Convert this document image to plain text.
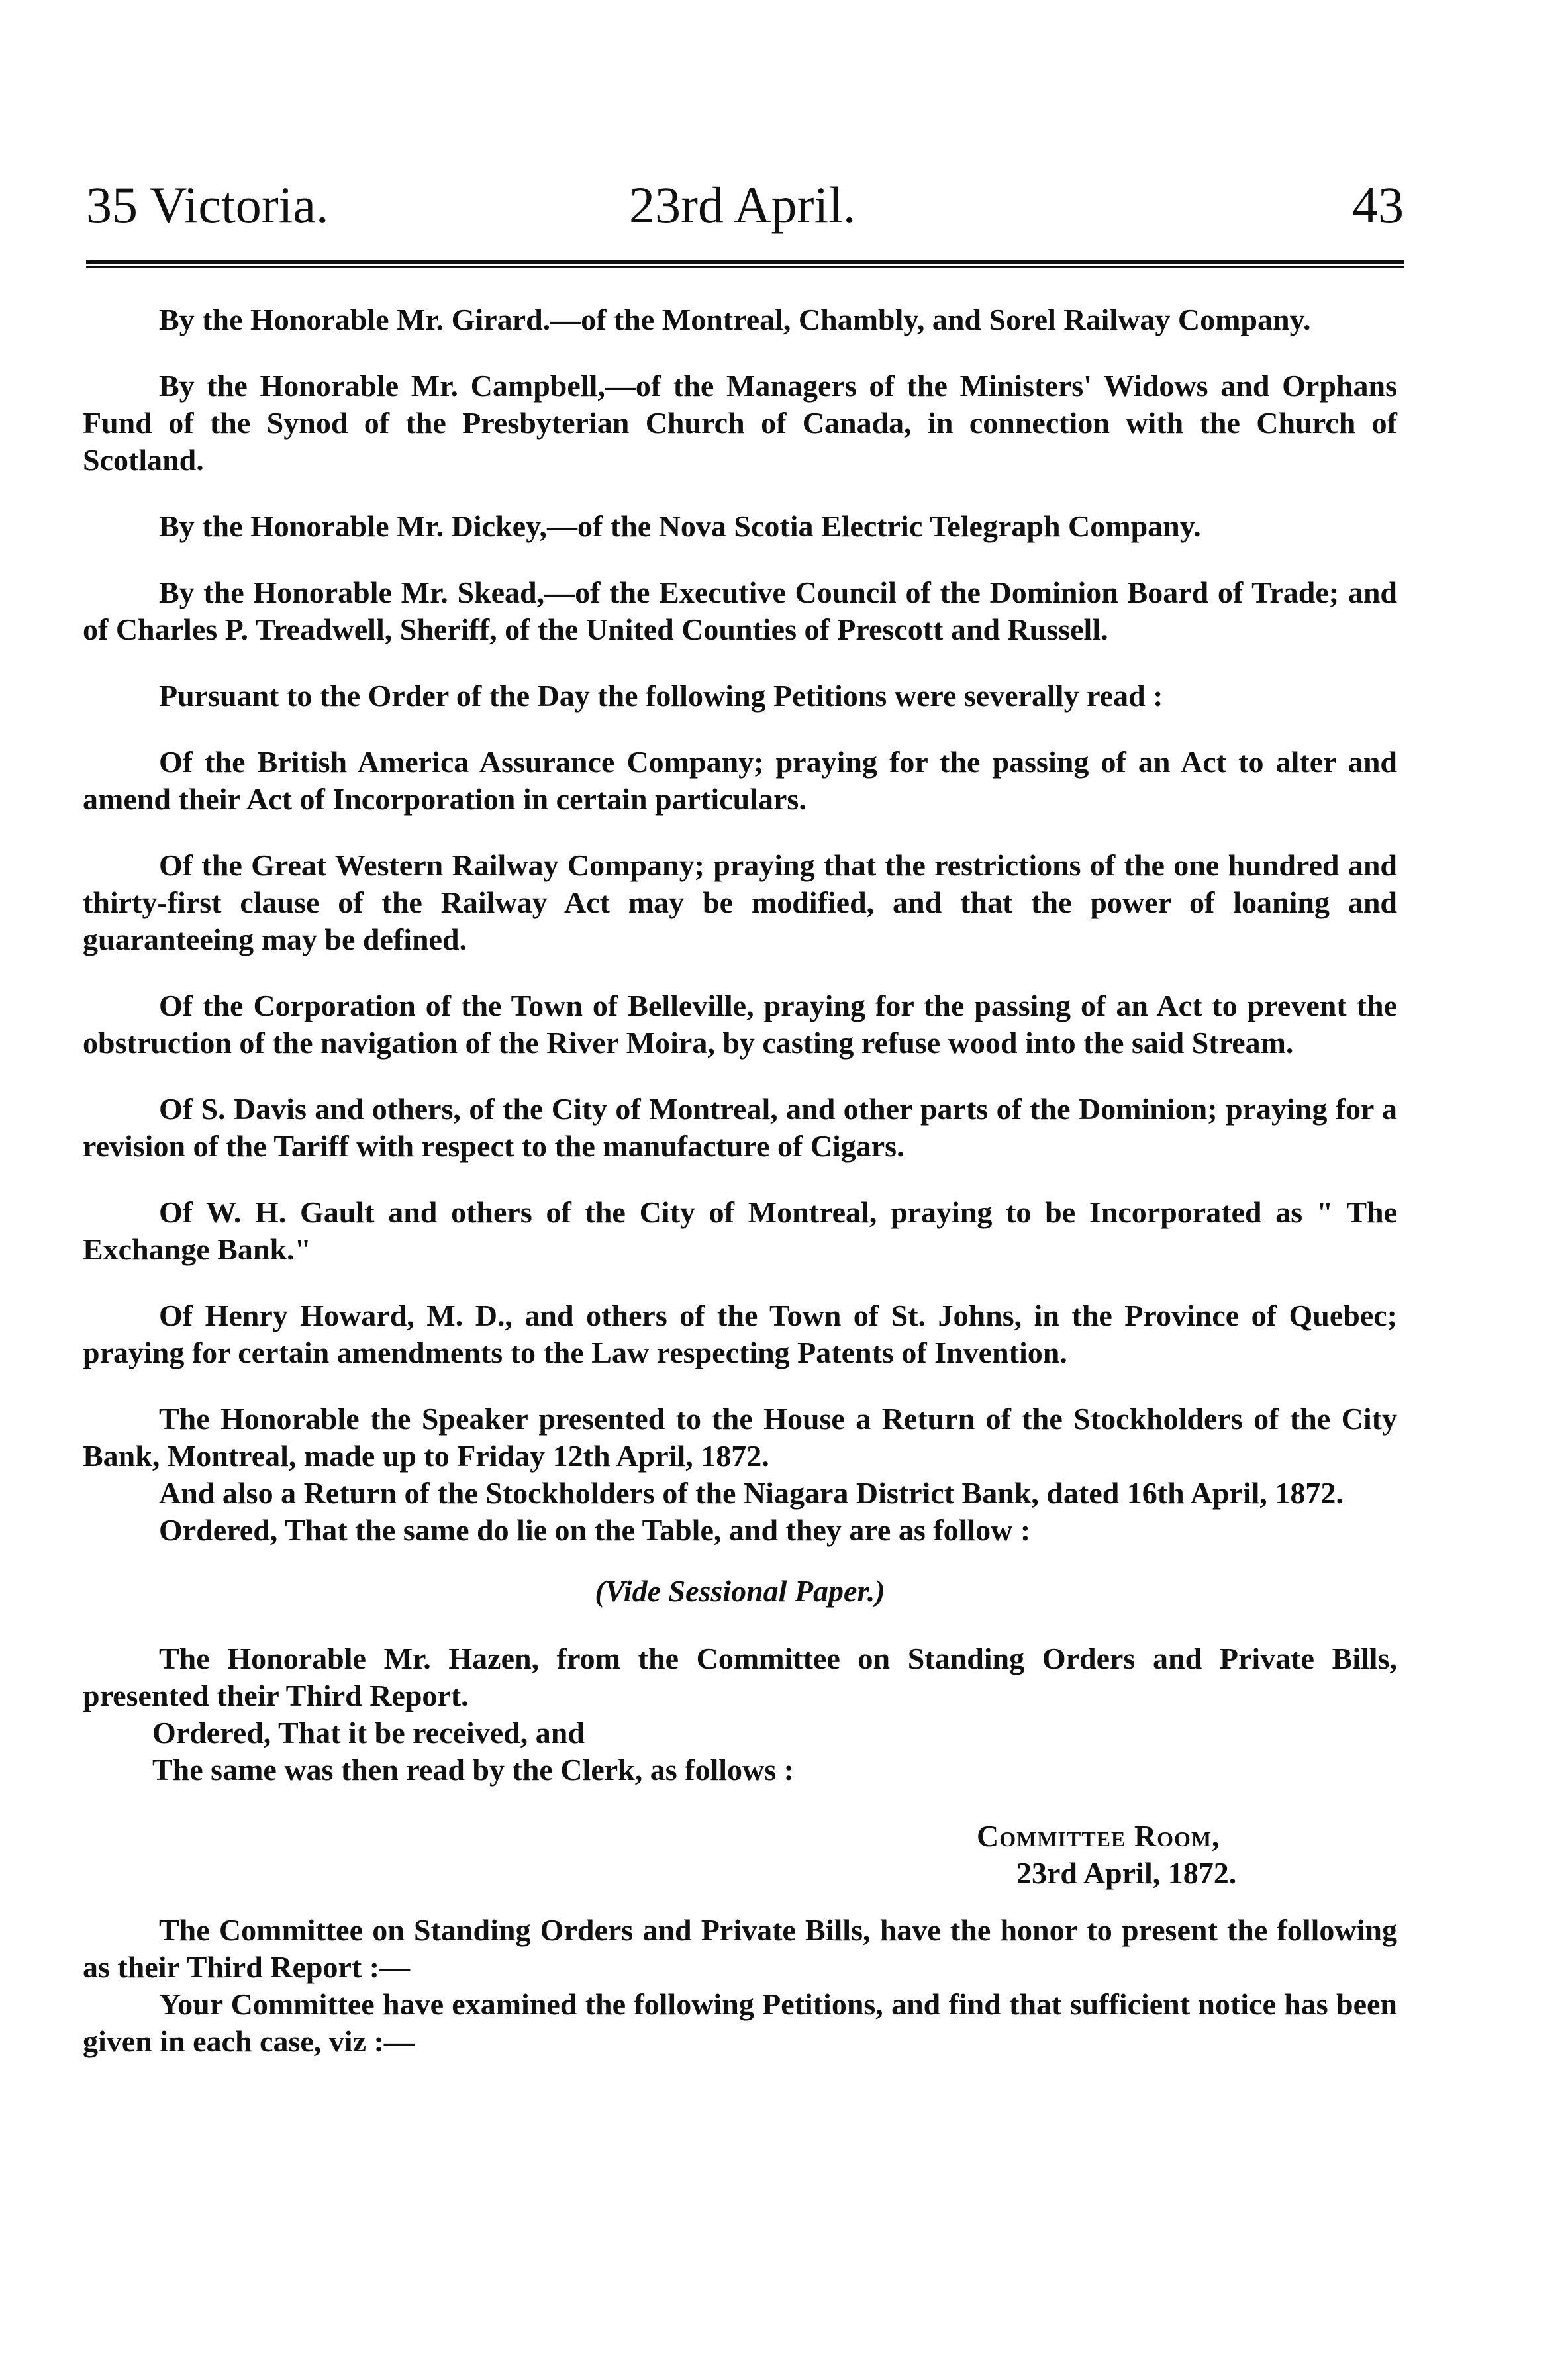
35 Victoria.	23rd April.	43

By the Honorable Mr. Girard.—of the Montreal, Chambly, and Sorel Railway Company.

By the Honorable Mr. Campbell,—of the Managers of the Ministers' Widows and Orphans Fund of the Synod of the Presbyterian Church of Canada, in connection with the Church of Scotland.

By the Honorable Mr. Dickey,—of the Nova Scotia Electric Telegraph Company.

By the Honorable Mr. Skead,—of the Executive Council of the Dominion Board of Trade; and of Charles P. Treadwell, Sheriff, of the United Counties of Prescott and Russell.

Pursuant to the Order of the Day the following Petitions were severally read :

Of the British America Assurance Company; praying for the passing of an Act to alter and amend their Act of Incorporation in certain particulars.

Of the Great Western Railway Company; praying that the restrictions of the one hundred and thirty-first clause of the Railway Act may be modified, and that the power of loaning and guaranteeing may be defined.

Of the Corporation of the Town of Belleville, praying for the passing of an Act to prevent the obstruction of the navigation of the River Moira, by casting refuse wood into the said Stream.

Of S. Davis and others, of the City of Montreal, and other parts of the Dominion; praying for a revision of the Tariff with respect to the manufacture of Cigars.

Of W. H. Gault and others of the City of Montreal, praying to be Incorporated as " The Exchange Bank."

Of Henry Howard, M. D., and others of the Town of St. Johns, in the Province of Quebec; praying for certain amendments to the Law respecting Patents of Invention.

The Honorable the Speaker presented to the House a Return of the Stockholders of the City Bank, Montreal, made up to Friday 12th April, 1872.

And also a Return of the Stockholders of the Niagara District Bank, dated 16th April, 1872.

Ordered, That the same do lie on the Table, and they are as follow :

(Vide Sessional Paper.)

The Honorable Mr. Hazen, from the Committee on Standing Orders and Private Bills, presented their Third Report.

Ordered, That it be received, and

The same was then read by the Clerk, as follows :

Committee Room,
23rd April, 1872.

The Committee on Standing Orders and Private Bills, have the honor to present the following as their Third Report :—

Your Committee have examined the following Petitions, and find that sufficient notice has been given in each case, viz :—
